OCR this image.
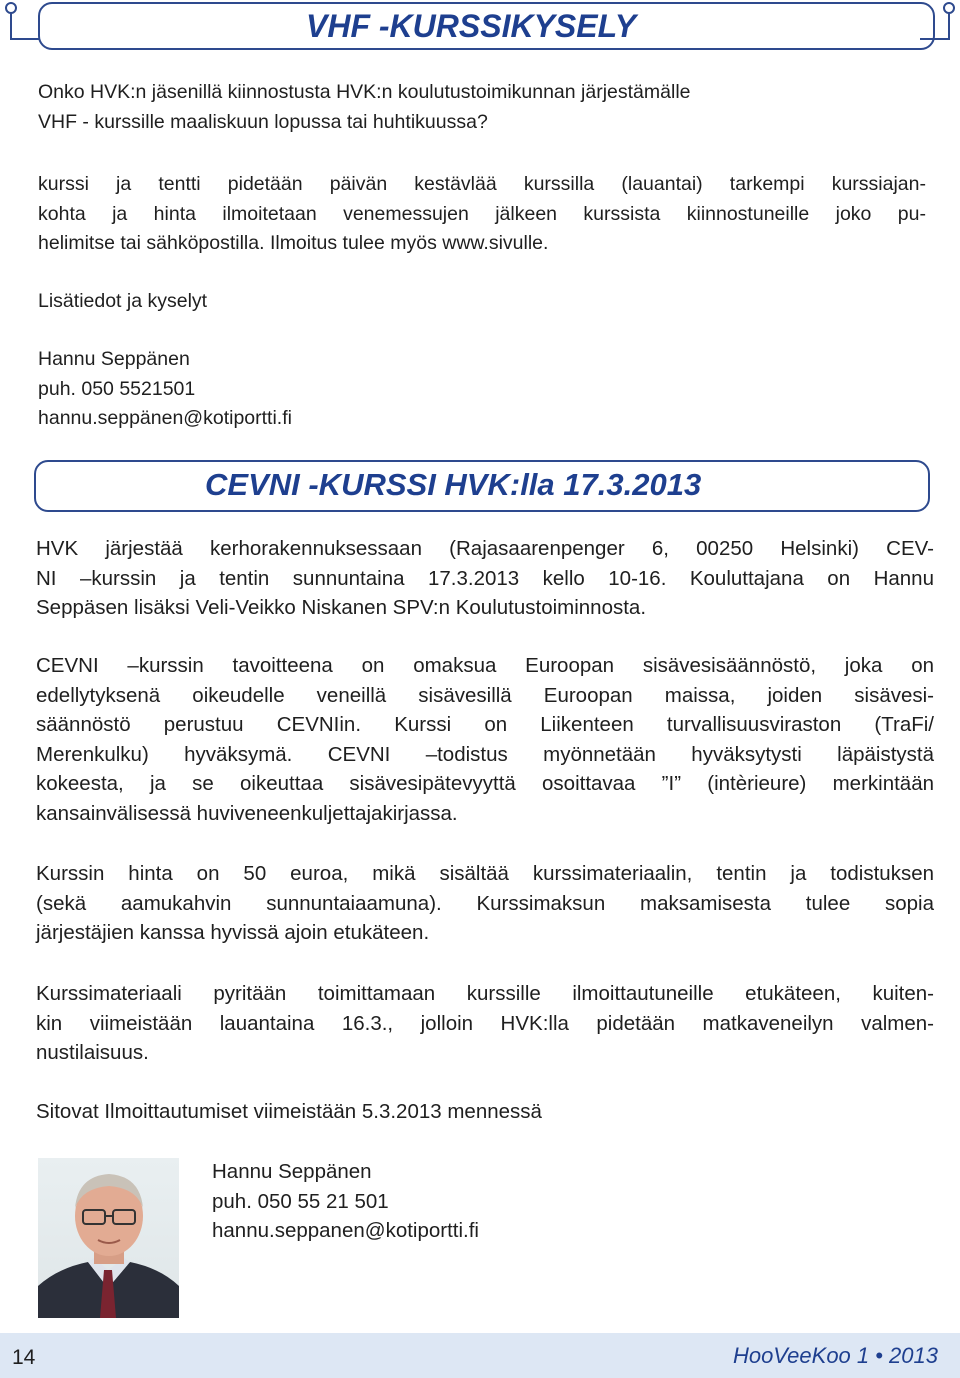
VHF -KURSSIKYSELY

Onko HVK:n jäsenillä kiinnostusta HVK:n koulutustoimikunnan järjestämälle
VHF - kurssille maaliskuun lopussa tai huhtikuussa?

kurssi ja tentti pidetään päivän kestävlää kurssilla (lauantai) tarkempi kurssiajan-
kohta ja hinta ilmoitetaan venemessujen jälkeen kurssista kiinnostuneille joko pu-
helimitse tai sähköpostilla. Ilmoitus tulee myös www.sivulle.

Lisätiedot ja kyselyt

Hannu Seppänen
puh. 050 5521501
hannu.seppänen@kotiportti.fi

CEVNI -KURSSI HVK:lla 17.3.2013

HVK järjestää kerhorakennuksessaan (Rajasaarenpenger 6, 00250 Helsinki) CEV-
NI –kurssin ja tentin sunnuntaina 17.3.2013 kello 10-16. Kouluttajana on Hannu
Seppäsen lisäksi Veli-Veikko Niskanen SPV:n Koulutustoiminnosta.

CEVNI –kurssin tavoitteena on omaksua Euroopan sisävesisäännöstö, joka on
edellytyksenä oikeudelle veneillä sisävesillä Euroopan maissa, joiden sisävesi-
säännöstö perustuu CEVNIin. Kurssi on Liikenteen turvallisuusviraston (TraFi/
Merenkulku) hyväksymä. CEVNI –todistus myönnetään hyväksytysti läpäistystä
kokeesta, ja se oikeuttaa sisävesipätevyyttä osoittavaa ”I” (intèrieure) merkintään
kansainvälisessä huviveneenkuljettajakirjassa.

Kurssin hinta on 50 euroa, mikä sisältää kurssimateriaalin, tentin ja todistuksen
(sekä aamukahvin sunnuntaiaamuna). Kurssimaksun maksamisesta tulee sopia
järjestäjien kanssa hyvissä ajoin etukäteen.

Kurssimateriaali pyritään toimittamaan kurssille ilmoittautuneille etukäteen, kuiten-
kin viimeistään lauantaina 16.3., jolloin HVK:lla pidetään matkaveneilyn valmen-
nustilaisuus.

Sitovat Ilmoittautumiset viimeistään 5.3.2013 mennessä

Hannu Seppänen
puh. 050 55 21 501
hannu.seppanen@kotiportti.fi

14	HooVeeKoo 1 • 2013
